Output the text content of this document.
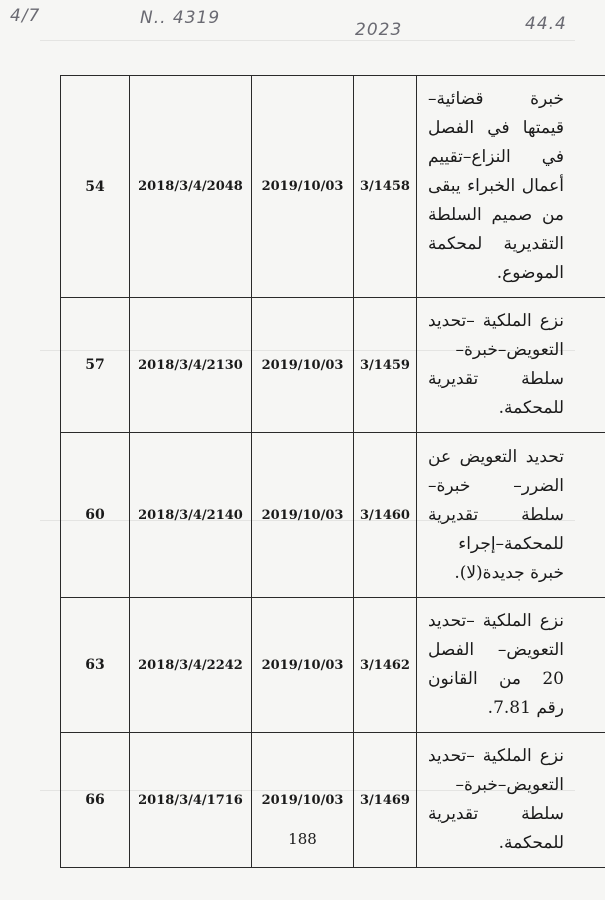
4/7	N.. 4319
2023	44.4
54	2018/3/4/2048	2019/10/03	3/1458	خبرة قضائية– قيمتها في الفصل في النزاع–تقييم أعمال الخبراء يبقى من صميم السلطة التقديرية لمحكمة الموضوع.

57	2018/3/4/2130	2019/10/03	3/1459	نزع الملكية –تحديد التعويض–خبرة– سلطة تقديرية للمحكمة.

60	2018/3/4/2140	2019/10/03	3/1460	تحديد التعويض عن الضرر– خبرة–سلطة تقديرية للمحكمة–إجراء خبرة جديدة(لا).

63	2018/3/4/2242	2019/10/03	3/1462	نزع الملكية –تحديد التعويض– الفصل 20 من القانون رقم 7.81.

66	2018/3/4/1716	2019/10/03	3/1469	نزع الملكية –تحديد التعويض–خبرة– سلطة تقديرية للمحكمة.
188
